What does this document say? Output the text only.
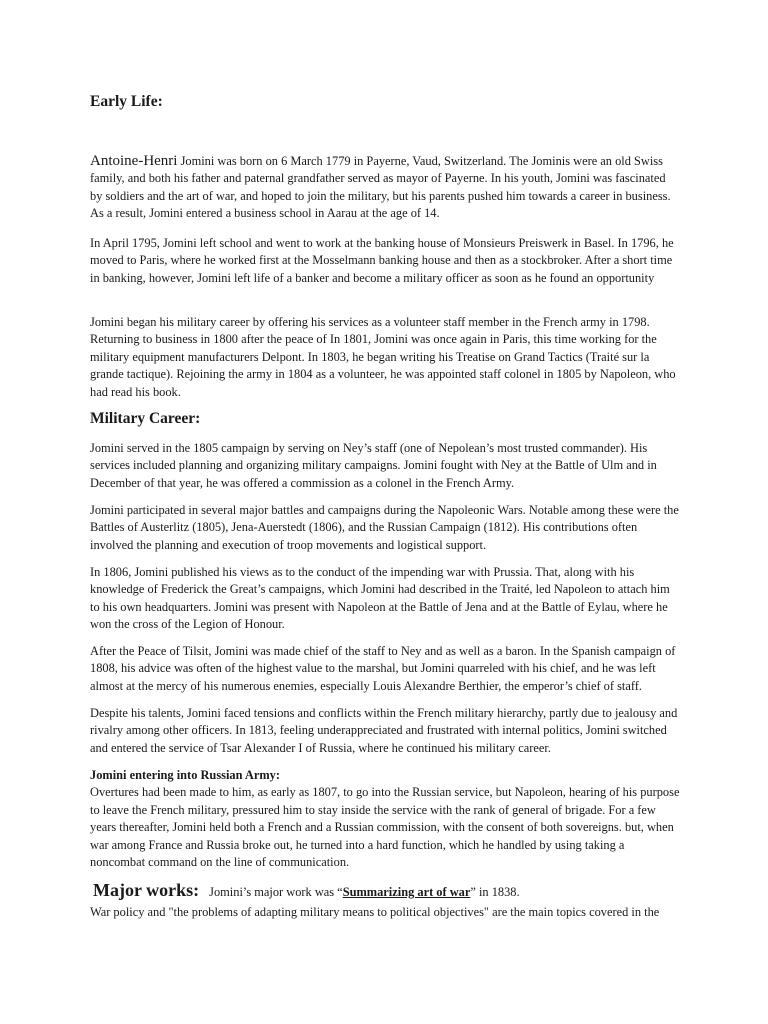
Early Life:

Antoine-Henri Jomini was born on 6 March 1779 in Payerne, Vaud, Switzerland. The Jominis were an old Swiss family, and both his father and paternal grandfather served as mayor of Payerne. In his youth, Jomini was fascinated by soldiers and the art of war, and hoped to join the military, but his parents pushed him towards a career in business. As a result, Jomini entered a business school in Aarau at the age of 14.

In April 1795, Jomini left school and went to work at the banking house of Monsieurs Preiswerk in Basel. In 1796, he moved to Paris, where he worked first at the Mosselmann banking house and then as a stockbroker. After a short time in banking, however, Jomini left life of a banker and become a military officer as soon as he found an opportunity

Jomini began his military career by offering his services as a volunteer staff member in the French army in 1798. Returning to business in 1800 after the peace of In 1801, Jomini was once again in Paris, this time working for the military equipment manufacturers Delpont. In 1803, he began writing his Treatise on Grand Tactics (Traité sur la grande tactique). Rejoining the army in 1804 as a volunteer, he was appointed staff colonel in 1805 by Napoleon, who had read his book.

Military Career:

Jomini served in the 1805 campaign by serving on Ney’s staff (one of Nepolean’s most trusted commander). His services included planning and organizing military campaigns. Jomini fought with Ney at the Battle of Ulm and in December of that year, he was offered a commission as a colonel in the French Army.

Jomini participated in several major battles and campaigns during the Napoleonic Wars. Notable among these were the Battles of Austerlitz (1805), Jena-Auerstedt (1806), and the Russian Campaign (1812). His contributions often involved the planning and execution of troop movements and logistical support.

In 1806, Jomini published his views as to the conduct of the impending war with Prussia. That, along with his knowledge of Frederick the Great’s campaigns, which Jomini had described in the Traité, led Napoleon to attach him to his own headquarters. Jomini was present with Napoleon at the Battle of Jena and at the Battle of Eylau, where he won the cross of the Legion of Honour.

After the Peace of Tilsit, Jomini was made chief of the staff to Ney and as well as a baron. In the Spanish campaign of 1808, his advice was often of the highest value to the marshal, but Jomini quarreled with his chief, and he was left almost at the mercy of his numerous enemies, especially Louis Alexandre Berthier, the emperor’s chief of staff.

Despite his talents, Jomini faced tensions and conflicts within the French military hierarchy, partly due to jealousy and rivalry among other officers. In 1813, feeling underappreciated and frustrated with internal politics, Jomini switched and entered the service of Tsar Alexander I of Russia, where he continued his military career.

Jomini entering into Russian Army:
Overtures had been made to him, as early as 1807, to go into the Russian service, but Napoleon, hearing of his purpose to leave the French military, pressured him to stay inside the service with the rank of general of brigade. For a few years thereafter, Jomini held both a French and a Russian commission, with the consent of both sovereigns. but, when war among France and Russia broke out, he turned into a hard function, which he handled by using taking a noncombat command on the line of communication.

Major works: Jomini’s major work was “Summarizing art of war” in 1838.

War policy and "the problems of adapting military means to political objectives" are the main topics covered in the
